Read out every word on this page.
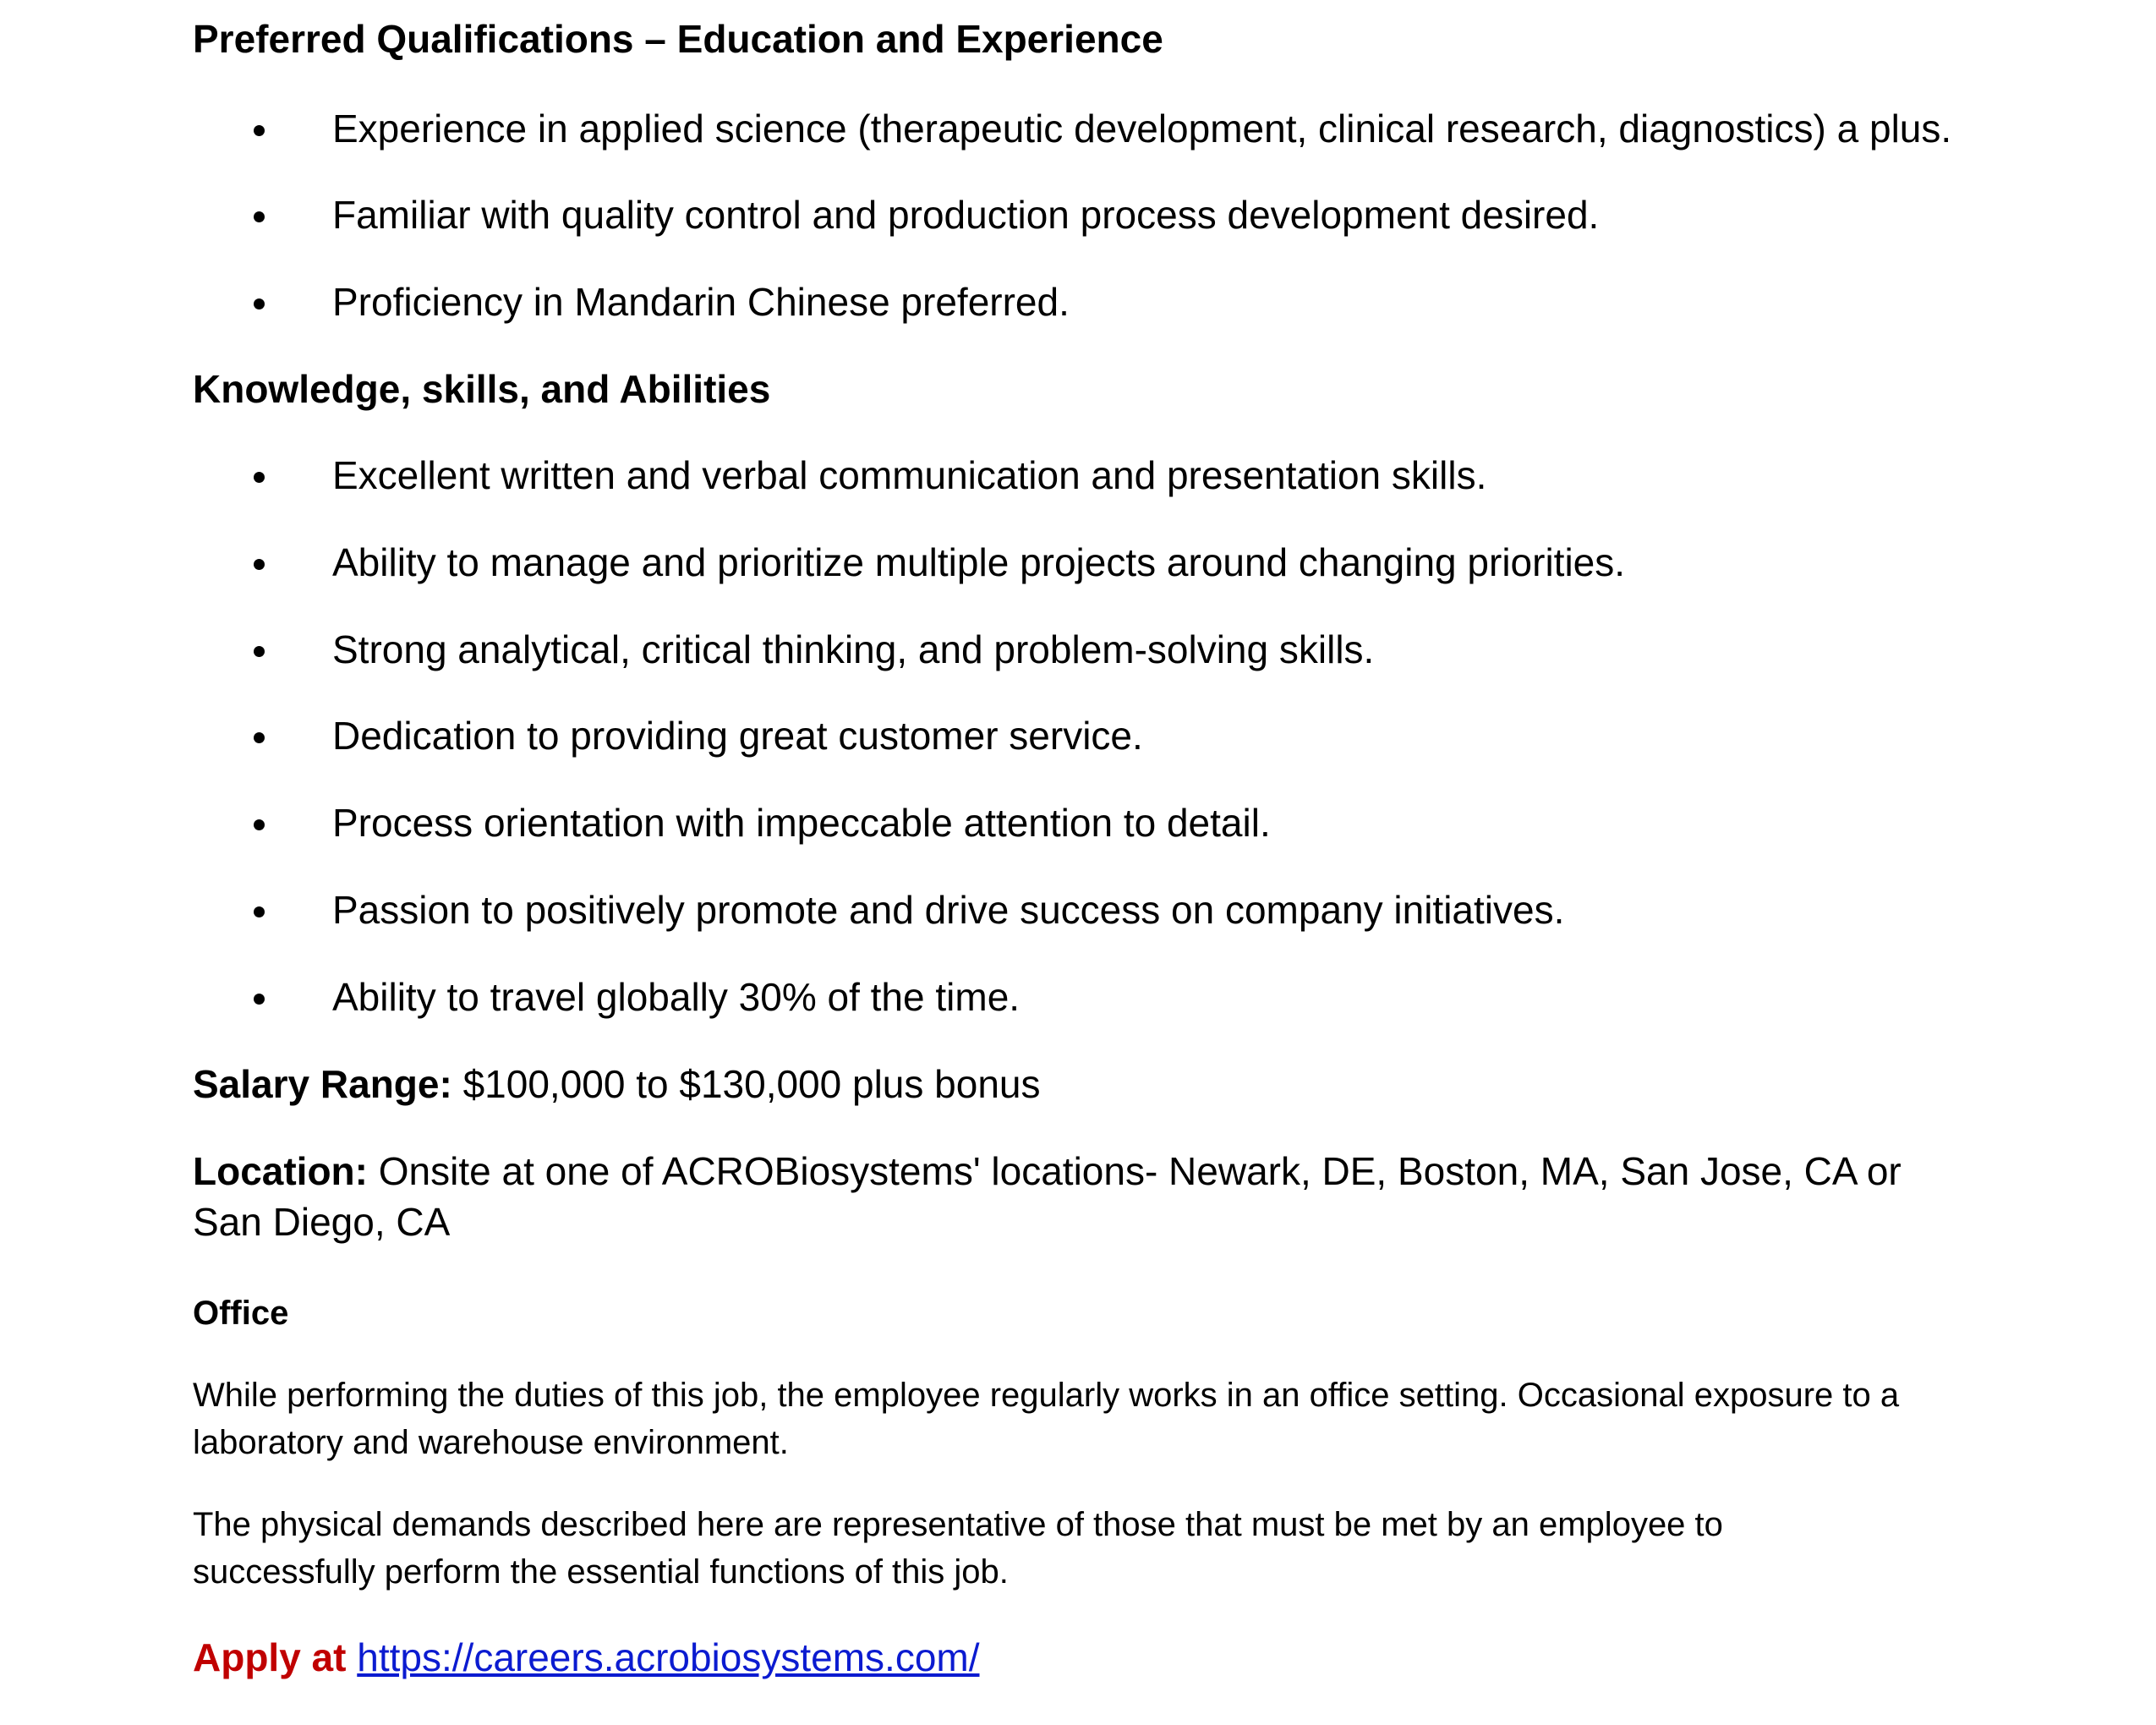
Preferred Qualifications – Education and Experience
Experience in applied science (therapeutic development, clinical research, diagnostics) a plus.
Familiar with quality control and production process development desired.
Proficiency in Mandarin Chinese preferred.
Knowledge, skills, and Abilities
Excellent written and verbal communication and presentation skills.
Ability to manage and prioritize multiple projects around changing priorities.
Strong analytical, critical thinking, and problem-solving skills.
Dedication to providing great customer service.
Process orientation with impeccable attention to detail.
Passion to positively promote and drive success on company initiatives.
Ability to travel globally 30% of the time.
Salary Range: $100,000 to $130,000 plus bonus
Location: Onsite at one of ACROBiosystems' locations- Newark, DE, Boston, MA, San Jose, CA or San Diego, CA
Office
While performing the duties of this job, the employee regularly works in an office setting. Occasional exposure to a laboratory and warehouse environment.
The physical demands described here are representative of those that must be met by an employee to successfully perform the essential functions of this job.
Apply at https://careers.acrobiosystems.com/
